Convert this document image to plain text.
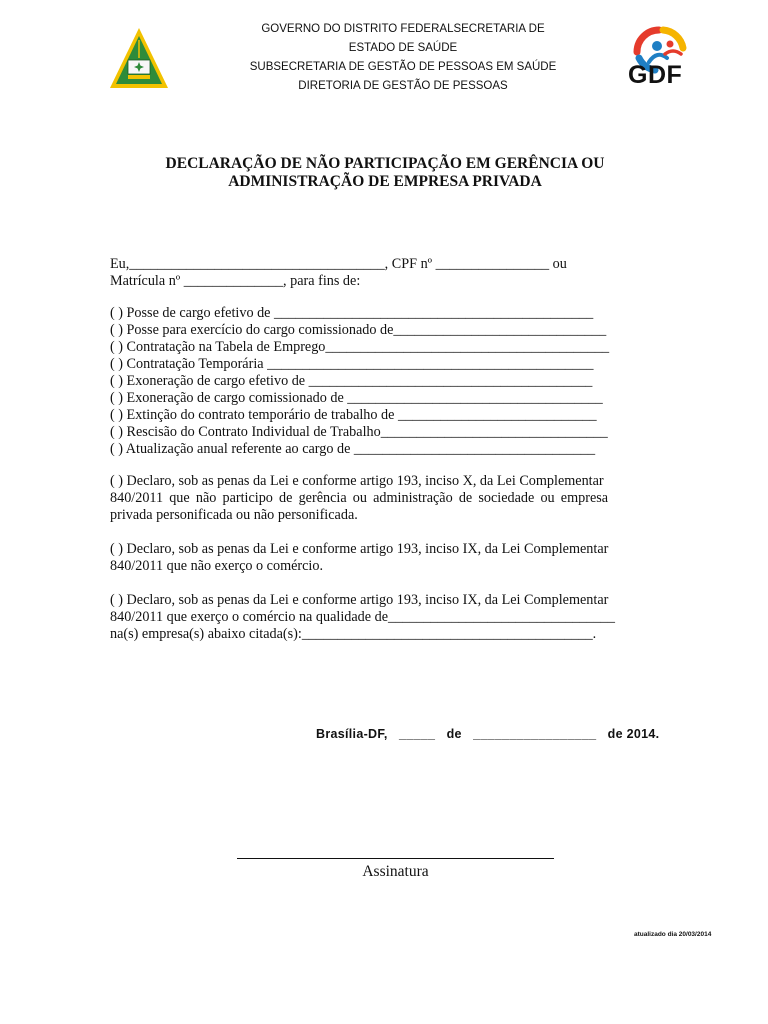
GOVERNO DO DISTRITO FEDERALSECRETARIA DE
ESTADO DE SAÚDE
SUBSECRETARIA DE GESTÃO DE PESSOAS EM SAÚDE
DIRETORIA DE GESTÃO DE PESSOAS	GDF
DECLARAÇÃO DE NÃO PARTICIPAÇÃO EM GERÊNCIA OU
ADMINISTRAÇÃO DE EMPRESA PRIVADA
Eu,____________________________________, CPF nº ________________ ou
Matrícula nº ______________, para fins de:
( ) Posse de cargo efetivo de _____________________________________________
( ) Posse para exercício do cargo comissionado de______________________________
( ) Contratação na Tabela de Emprego________________________________________
( ) Contratação Temporária ______________________________________________
( ) Exoneração de cargo efetivo de ________________________________________
( ) Exoneração de cargo comissionado de ____________________________________
( ) Extinção do contrato temporário de trabalho de ____________________________
( ) Rescisão do Contrato Individual de Trabalho________________________________
( ) Atualização anual referente ao cargo de __________________________________
( ) Declaro, sob as penas da Lei e conforme artigo 193, inciso X, da Lei Complementar
840/2011 que não participo de gerência ou administração de sociedade ou empresa
privada personificada ou não personificada.
( ) Declaro, sob as penas da Lei e conforme artigo 193, inciso IX, da Lei Complementar
840/2011 que não exerço o comércio.
( ) Declaro, sob as penas da Lei e conforme artigo 193, inciso IX, da Lei Complementar
840/2011 que exerço o comércio na qualidade de________________________________
na(s) empresa(s) abaixo citada(s):_________________________________________.
Brasília-DF,   _____   de   _________________   de 2014.
Assinatura
atualizado dia 20/03/2014
